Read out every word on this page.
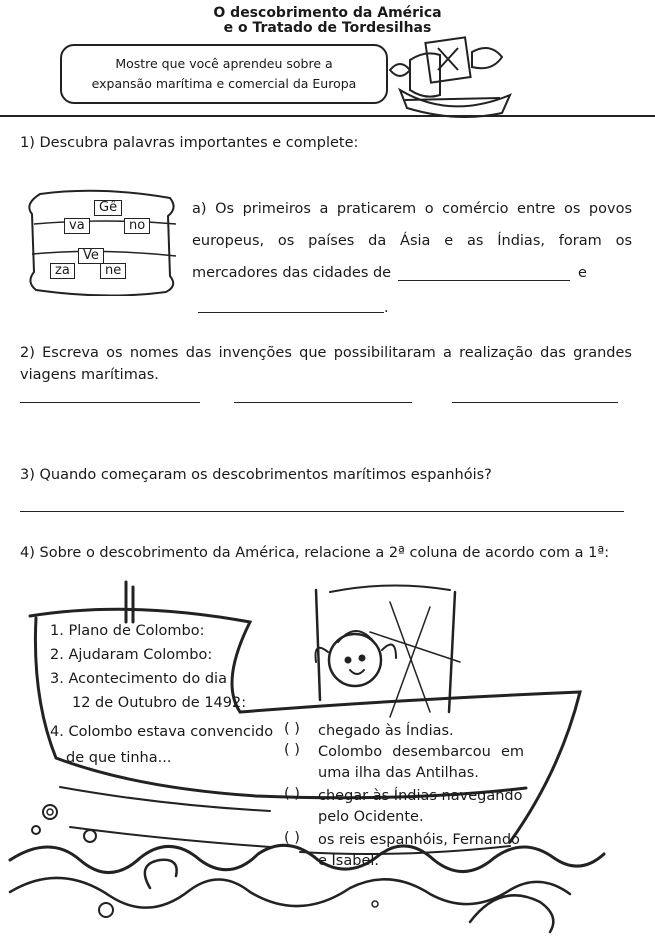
O descobrimento da América
e o Tratado de Tordesilhas
Mostre que você aprendeu sobre a
expansão marítima e comercial da Europa
1) Descubra palavras importantes e complete:
Gê
va	no
Ve
za	ne
a) Os primeiros a praticarem o comércio entre os povos
europeus, os países da Ásia e as Índias, foram os
mercadores das cidades de	e
.
2) Escreva os nomes das invenções que possibilitaram a realização das grandes
viagens marítimas.
3) Quando começaram os descobrimentos marítimos espanhóis?
4) Sobre o descobrimento da América, relacione a 2ª coluna de acordo com a 1ª:
1. Plano de Colombo:
2. Ajudaram Colombo:
3. Acontecimento do dia
12 de Outubro de 1492:
4. Colombo estava convencido
de que tinha...
( ) chegado às Índias.
( ) Colombo desembarcou em
uma ilha das Antilhas.
( ) chegar às Índias navegando
pelo Ocidente.
( ) os reis espanhóis, Fernando
e Isabel.
